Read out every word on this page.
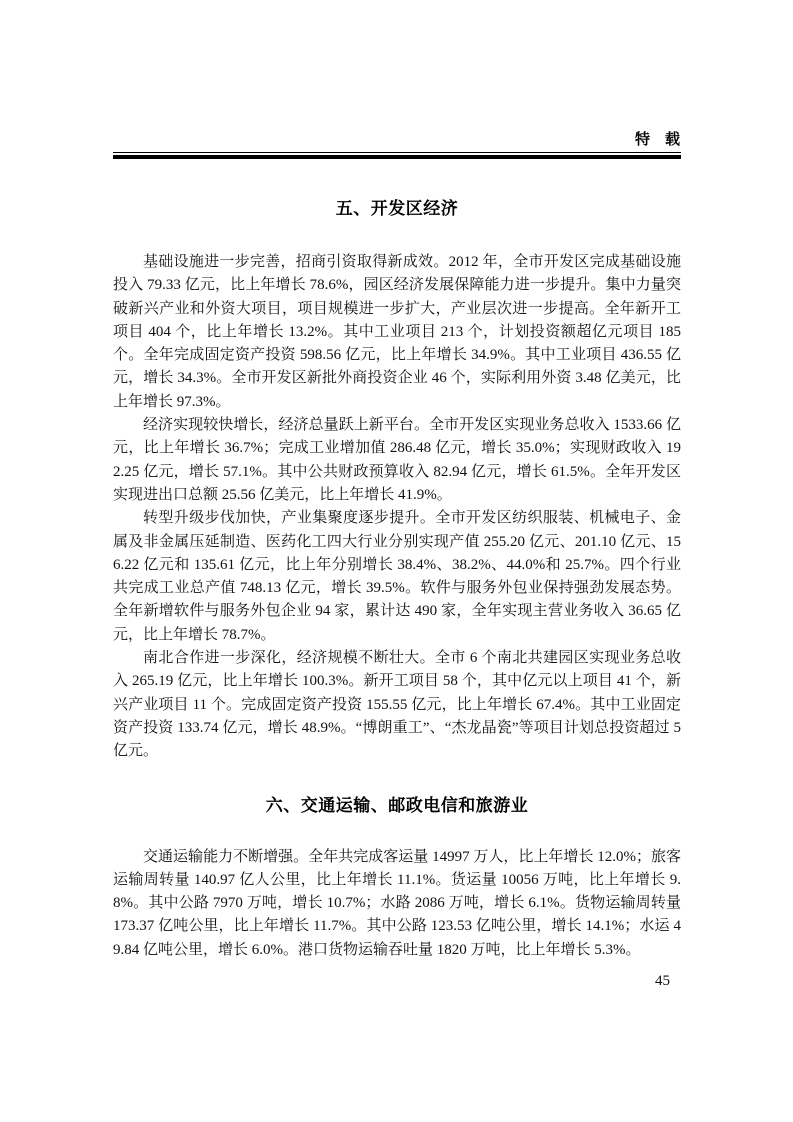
特　载
五、开发区经济

基础设施进一步完善，招商引资取得新成效。2012 年，全市开发区完成基础设施投入 79.33 亿元，比上年增长 78.6%，园区经济发展保障能力进一步提升。集中力量突破新兴产业和外资大项目，项目规模进一步扩大，产业层次进一步提高。全年新开工项目 404 个，比上年增长 13.2%。其中工业项目 213 个，计划投资额超亿元项目 185 个。全年完成固定资产投资 598.56 亿元，比上年增长 34.9%。其中工业项目 436.55 亿元，增长 34.3%。全市开发区新批外商投资企业 46 个，实际利用外资 3.48 亿美元，比上年增长 97.3%。

经济实现较快增长，经济总量跃上新平台。全市开发区实现业务总收入 1533.66 亿元，比上年增长 36.7%；完成工业增加值 286.48 亿元，增长 35.0%；实现财政收入 192.25 亿元，增长 57.1%。其中公共财政预算收入 82.94 亿元，增长 61.5%。全年开发区实现进出口总额 25.56 亿美元，比上年增长 41.9%。

转型升级步伐加快，产业集聚度逐步提升。全市开发区纺织服装、机械电子、金属及非金属压延制造、医药化工四大行业分别实现产值 255.20 亿元、201.10 亿元、156.22 亿元和 135.61 亿元，比上年分别增长 38.4%、38.2%、44.0%和 25.7%。四个行业共完成工业总产值 748.13 亿元，增长 39.5%。软件与服务外包业保持强劲发展态势。全年新增软件与服务外包企业 94 家，累计达 490 家，全年实现主营业务收入 36.65 亿元，比上年增长 78.7%。

南北合作进一步深化，经济规模不断壮大。全市 6 个南北共建园区实现业务总收入 265.19 亿元，比上年增长 100.3%。新开工项目 58 个，其中亿元以上项目 41 个，新兴产业项目 11 个。完成固定资产投资 155.55 亿元，比上年增长 67.4%。其中工业固定资产投资 133.74 亿元，增长 48.9%。“博朗重工”、“杰龙晶瓷”等项目计划总投资超过 5 亿元。

六、交通运输、邮政电信和旅游业

交通运输能力不断增强。全年共完成客运量 14997 万人，比上年增长 12.0%；旅客运输周转量 140.97 亿人公里，比上年增长 11.1%。货运量 10056 万吨，比上年增长 9.8%。其中公路 7970 万吨，增长 10.7%；水路 2086 万吨，增长 6.1%。货物运输周转量 173.37 亿吨公里，比上年增长 11.7%。其中公路 123.53 亿吨公里，增长 14.1%；水运 49.84 亿吨公里，增长 6.0%。港口货物运输吞吐量 1820 万吨，比上年增长 5.3%。

45
